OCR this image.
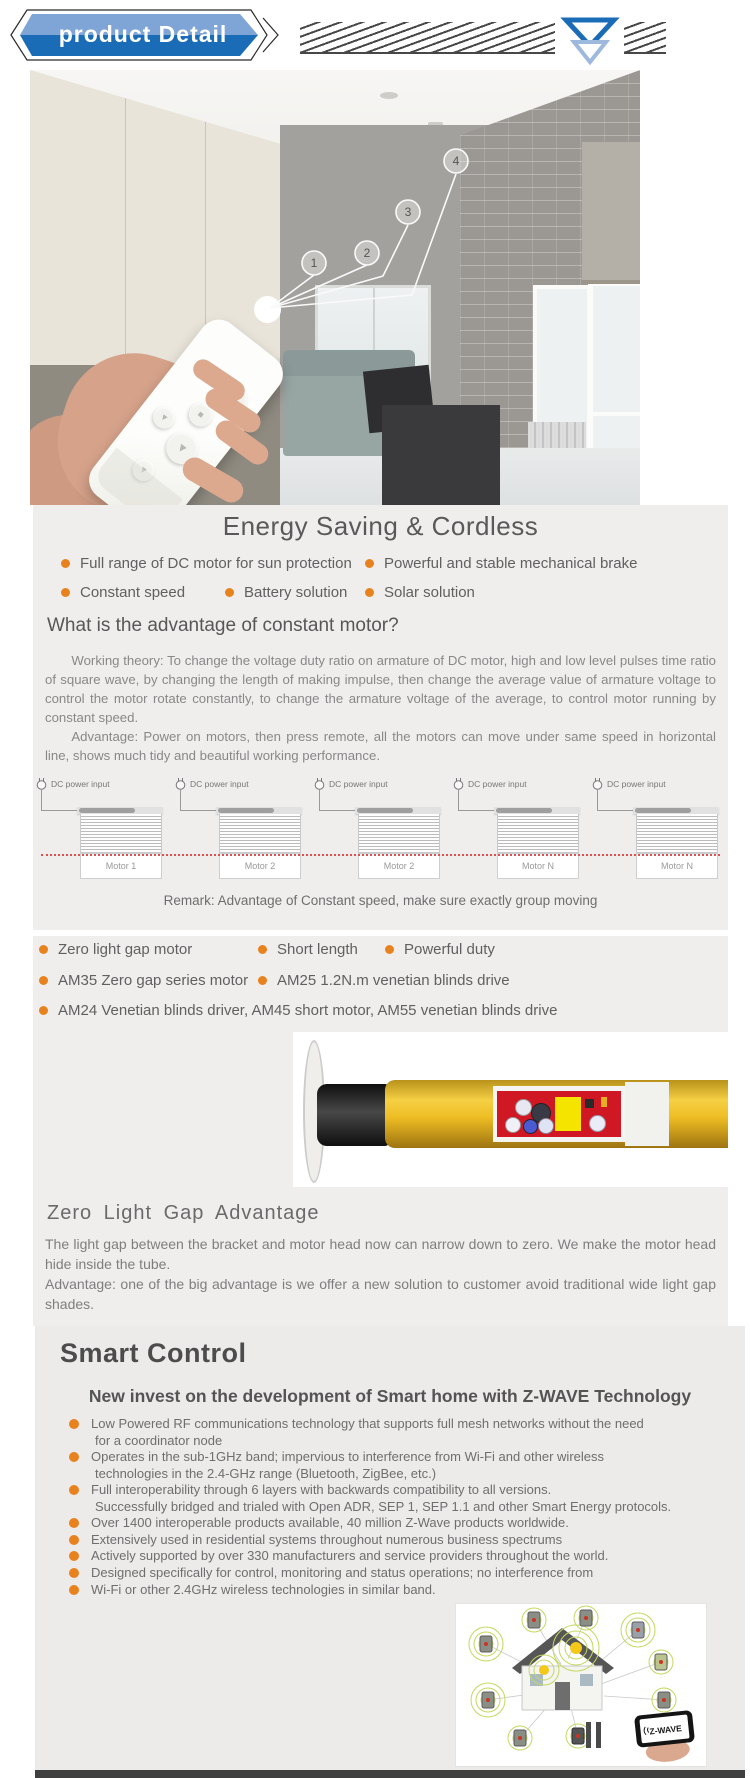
product Detail
■
▼
▼
▼
1
2
3
4
Energy Saving & Cordless
Full range of DC motor for sun protection Powerful and stable mechanical brake
Constant speed	Battery solution Solar solution
What is the advantage of constant motor?

Working theory: To change the voltage duty ratio on armature of DC motor, high and low level pulses time ratio of square wave, by changing the length of making impulse, then change the average value of armature voltage to control the motor rotate constantly, to change the armature voltage of the average, to control motor running by constant speed.

Advantage: Power on motors, then press remote, all the motors can move under same speed in horizontal line, shows much tidy and beautiful working performance.

DC power input
Motor 1
DC power input
Motor 2
DC power input
Motor 2
DC power input
Motor N
DC power input
Motor N
Remark: Advantage of Constant speed, make sure exactly group moving
Zero light gap motor	Short length	Powerful duty
AM35 Zero gap series motor AM25 1.2N.m venetian blinds drive
AM24 Venetian blinds driver, AM45 short motor, AM55 venetian blinds drive
Zero Light Gap Advantage

The light gap between the bracket and motor head now can narrow down to zero. We make the motor head hide inside the tube.

Advantage: one of the big advantage is we offer a new solution to customer avoid traditional wide light gap shades.

Smart Control
New invest on the development of Smart home with Z-WAVE Technology
Low Powered RF communications technology that supports full mesh networks without the need
for a coordinator node
Operates in the sub-1GHz band; impervious to interference from Wi-Fi and other wireless
technologies in the 2.4-GHz range (Bluetooth, ZigBee, etc.)
Full interoperability through 6 layers with backwards compatibility to all versions.
Successfully bridged and trialed with Open ADR, SEP 1, SEP 1.1 and other Smart Energy protocols.
Over 1400 interoperable products available, 40 million Z-Wave products worldwide.
Extensively used in residential systems throughout numerous business spectrums
Actively supported by over 330 manufacturers and service providers throughout the world.
Designed specifically for control, monitoring and status operations; no interference from
Wi-Fi or other 2.4GHz wireless technologies in similar band.
Z-WAVE
